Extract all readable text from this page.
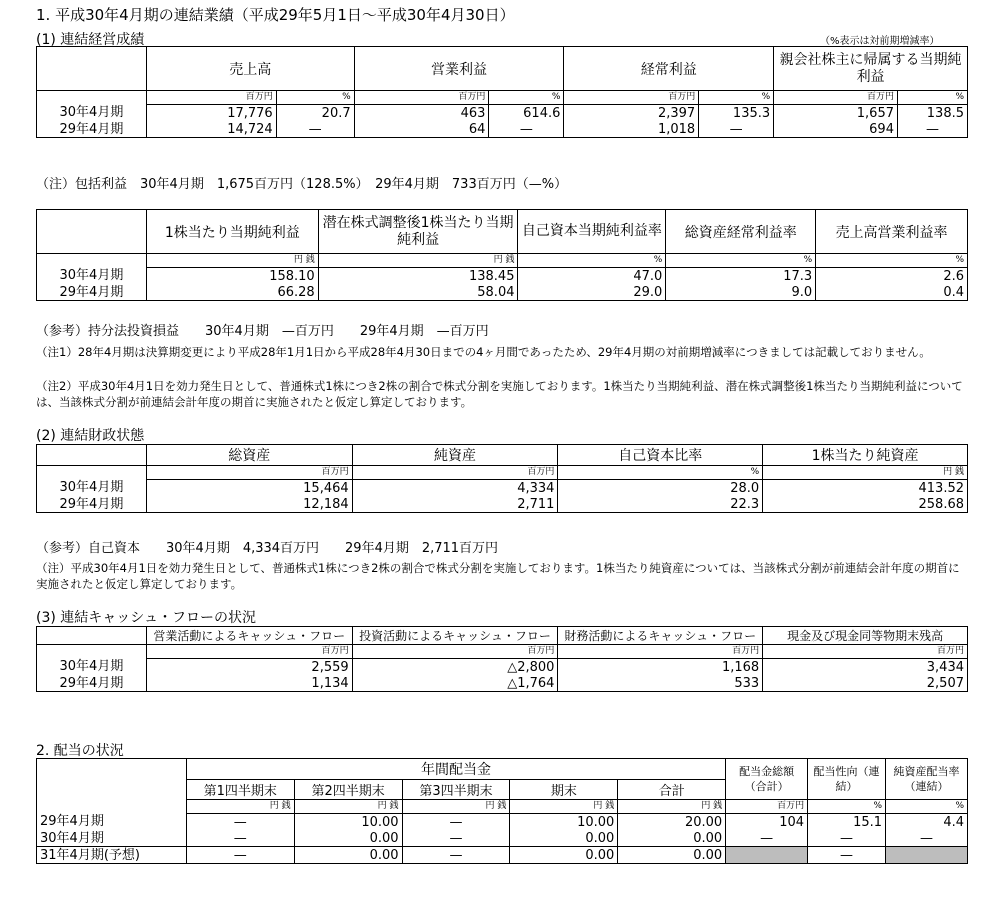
1. 平成30年4月期の連結業績（平成29年5月1日～平成30年4月30日）
(1) 連結経営成績	（%表示は対前期増減率）
	売上高		営業利益		経常利益		親会社株主に帰属する当期純利益	
	百万円	%	百万円	%	百万円	%	百万円	%
30年4月期	17,776	20.7	463	614.6	2,397	135.3	1,657	138.5
29年4月期	14,724	—	64	—	1,018	—	694	—
（注）包括利益　30年4月期　1,675百万円（128.5%）　29年4月期　733百万円（—%）
	1株当たり当期純利益	潜在株式調整後1株当たり当期純利益	自己資本当期純利益率	総資産経常利益率	売上高営業利益率
	円 銭	円 銭	%	%	%
30年4月期	158.10	138.45	47.0	17.3	2.6
29年4月期	66.28	58.04	29.0	9.0	0.4
（参考）持分法投資損益　　30年4月期　—百万円　　29年4月期　—百万円
（注1）28年4月期は決算期変更により平成28年1月1日から平成28年4月30日までの4ヶ月間であったため、29年4月期の対前期増減率につきましては記載しておりません。
（注2）平成30年4月1日を効力発生日として、普通株式1株につき2株の割合で株式分割を実施しております。1株当たり当期純利益、潜在株式調整後1株当たり当期純利益については、当該株式分割が前連結会計年度の期首に実施されたと仮定し算定しております。
(2) 連結財政状態
	総資産	純資産	自己資本比率	1株当たり純資産
	百万円	百万円	%	円 銭
30年4月期	15,464	4,334	28.0	413.52
29年4月期	12,184	2,711	22.3	258.68
（参考）自己資本　　30年4月期　4,334百万円　　29年4月期　2,711百万円
（注）平成30年4月1日を効力発生日として、普通株式1株につき2株の割合で株式分割を実施しております。1株当たり純資産については、当該株式分割が前連結会計年度の期首に実施されたと仮定し算定しております。
(3) 連結キャッシュ・フローの状況
	営業活動によるキャッシュ・フロー	投資活動によるキャッシュ・フロー	財務活動によるキャッシュ・フロー	現金及び現金同等物期末残高
	百万円	百万円	百万円	百万円
30年4月期	2,559	△2,800	1,168	3,434
29年4月期	1,134	△1,764	533	2,507
2. 配当の状況
	年間配当金					配当金総額（合計）	配当性向（連結）	純資産配当率（連結）
	第1四半期末	第2四半期末	第3四半期末	期末	合計			
	円 銭	円 銭	円 銭	円 銭	円 銭	百万円	%	%
29年4月期	—	10.00	—	10.00	20.00	104	15.1	4.4
30年4月期	—	0.00	—	0.00	0.00	—	—	—
31年4月期(予想)	—	0.00	—	0.00	0.00		—	
